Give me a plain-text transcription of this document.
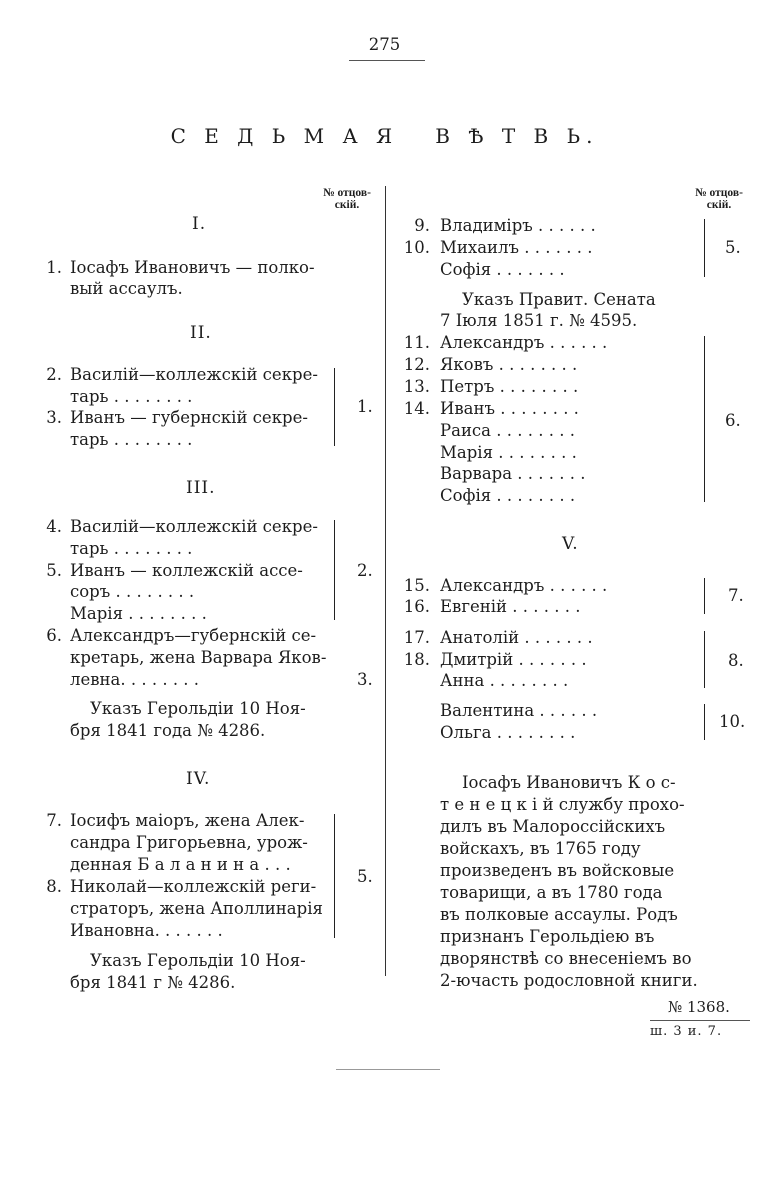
275
С Е Д Ь М А Я   В Ѣ Т В Ь.
№ отцов-
скій.
№ отцов-
скій.
I.
1. Іосафъ Ивановичъ — полко-
вый ассаулъ.
II.
2. Василій—коллежскій секре-
тарь . . . . . . . .
3. Иванъ — губернскій секре-
тарь . . . . . . . .
1.
III.
4. Василій—коллежскій секре-
тарь . . . . . . . .
5. Иванъ — коллежскій ассе-
соръ . . . . . . . .
Марія . . . . . . . .
2.
6. Александръ—губернскій се-
кретарь, жена Варвара Яков-
левна. . . . . . . .	3.
Указъ Герольдіи 10 Ноя-
бря 1841 года № 4286.
IV.
7. Іосифъ маіоръ, жена Алек-
сандра Григорьевна, урож-
денная Б а л а н и н а . . .
8. Николай—коллежскій реги-
страторъ, жена Аполлинарія
Ивановна. . . . . . .
5.
Указъ Герольдіи 10 Ноя-
бря 1841 г № 4286.
9. Владиміръ . . . . . .
10. Михаилъ . . . . . . .
Софія . . . . . . .
5.
Указъ Правит. Сената
7 Іюля 1851 г. № 4595.
11. Александръ . . . . . .
12. Яковъ . . . . . . . .
13. Петръ . . . . . . . .
14. Иванъ . . . . . . . .
Раиса . . . . . . . .
Марія . . . . . . . .
Варвара . . . . . . .
Софія . . . . . . . .
6.
V.
15. Александръ . . . . . .
16. Евгеній . . . . . . .
7.
17. Анатолій . . . . . . .
18. Дмитрій . . . . . . .
Анна . . . . . . . .
8.
Валентина . . . . . .
Ольга . . . . . . . .
10.
Іосафъ Ивановичъ К о с-
т е н е ц к і й службу прохо-
дилъ въ Малороссійскихъ
войскахъ, въ 1765 году
произведенъ въ войсковые
товарищи, а въ 1780 года
въ полковые ассаулы. Родъ
признанъ Герольдіею въ
дворянствѣ со внесеніемъ во
2-ючасть родословной книги.
№ 1368.
ш. 3 и. 7.
